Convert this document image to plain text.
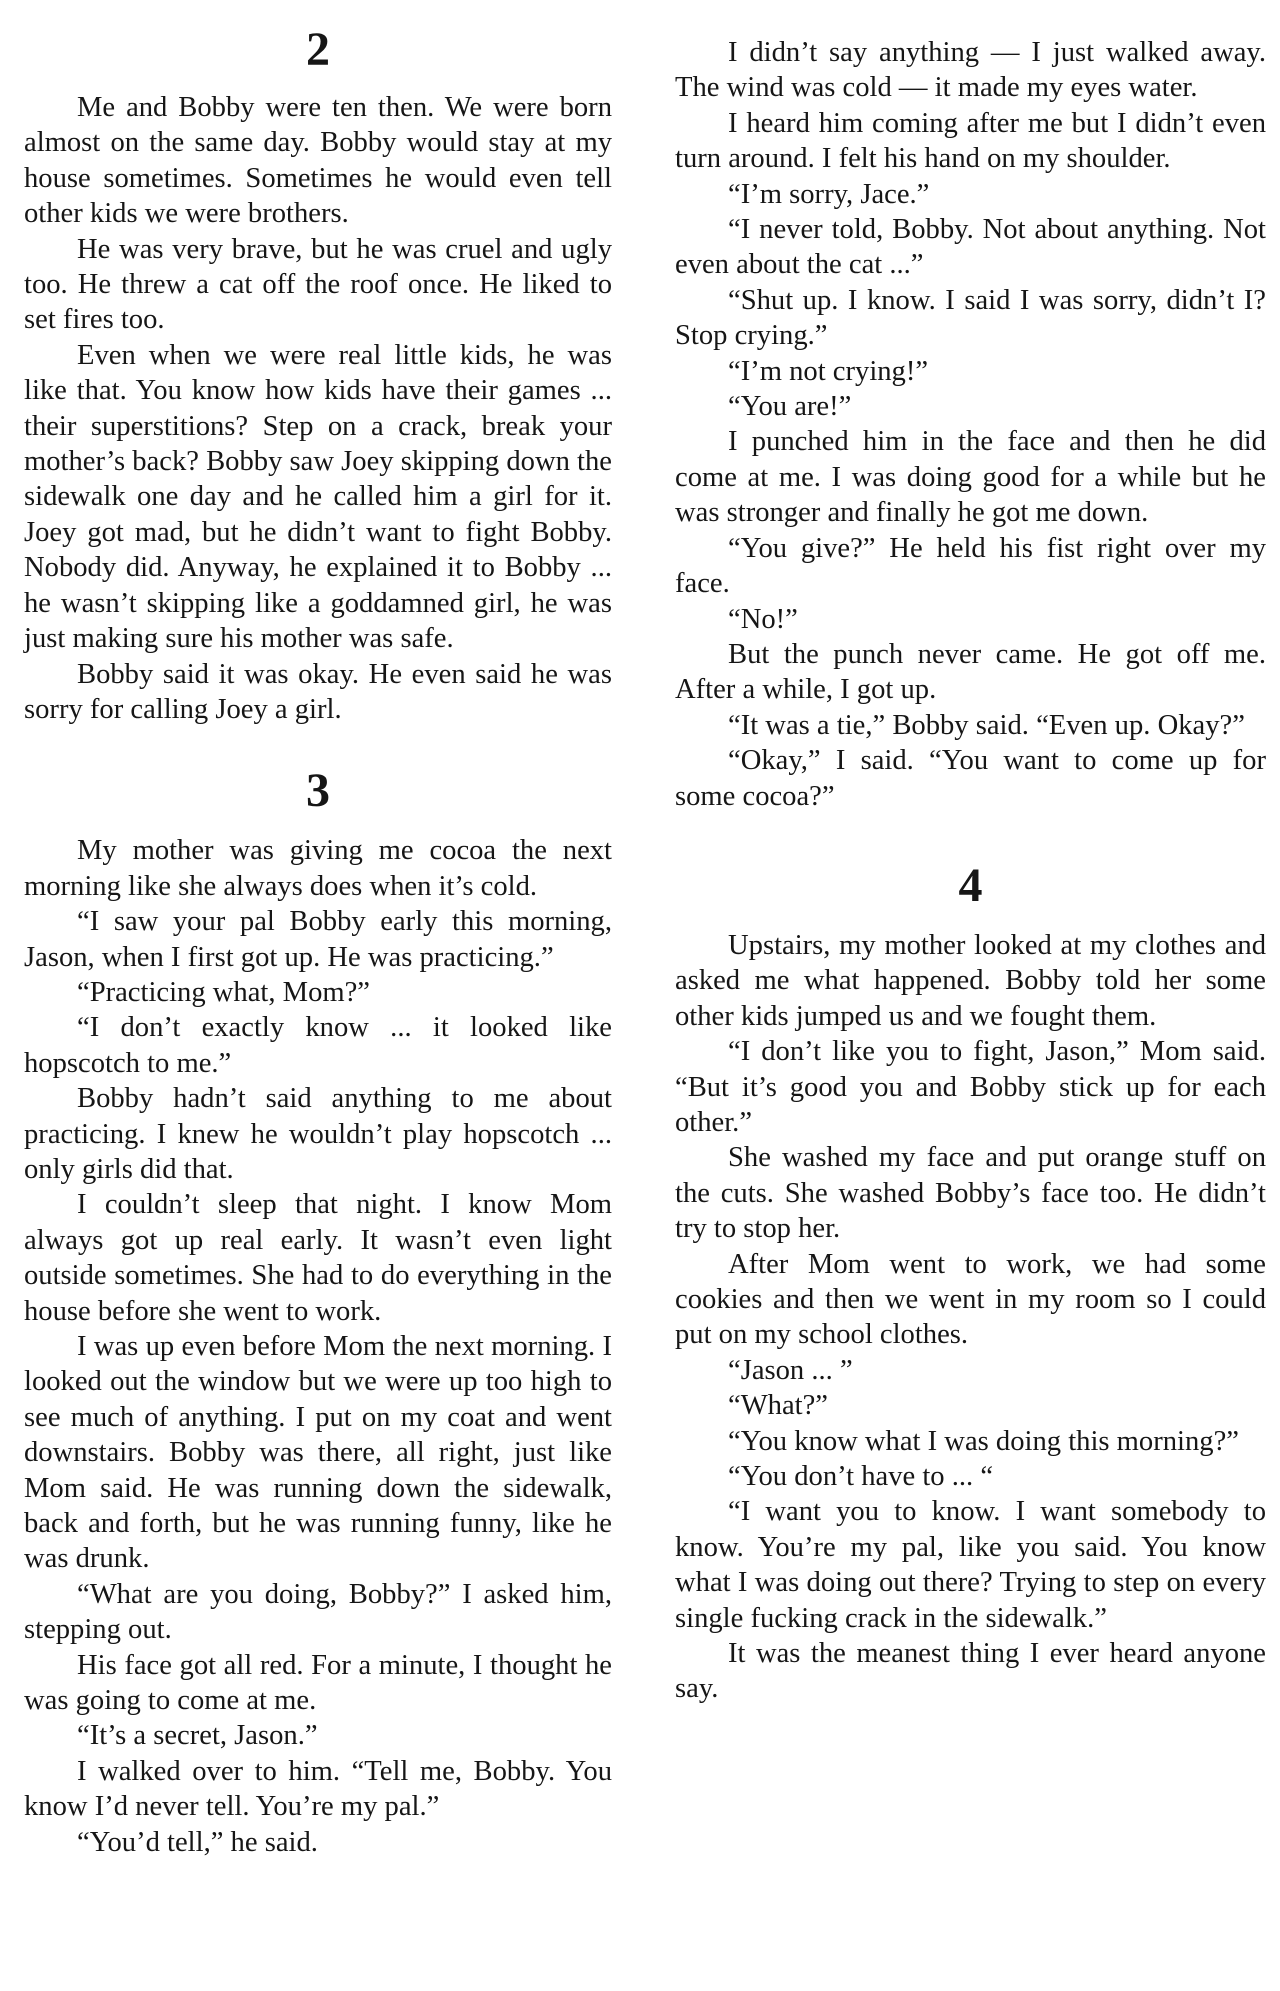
2

Me and Bobby were ten then. We were born almost on the same day. Bobby would stay at my house sometimes. Sometimes he would even tell other kids we were brothers.

He was very brave, but he was cruel and ugly too. He threw a cat off the roof once. He liked to set fires too.

Even when we were real little kids, he was like that. You know how kids have their games ... their superstitions? Step on a crack, break your mother’s back? Bobby saw Joey skipping down the sidewalk one day and he called him a girl for it. Joey got mad, but he didn’t want to fight Bobby. Nobody did. Anyway, he explained it to Bobby ... he wasn’t skipping like a goddamned girl, he was just making sure his mother was safe.

Bobby said it was okay. He even said he was sorry for calling Joey a girl.

3

My mother was giving me cocoa the next morning like she always does when it’s cold.

“I saw your pal Bobby early this morning, Jason, when I first got up. He was practicing.”

“Practicing what, Mom?”

“I don’t exactly know ... it looked like hopscotch to me.”

Bobby hadn’t said anything to me about practicing. I knew he wouldn’t play hopscotch ... only girls did that.

I couldn’t sleep that night. I know Mom always got up real early. It wasn’t even light outside sometimes. She had to do everything in the house before she went to work.

I was up even before Mom the next morning. I looked out the window but we were up too high to see much of anything. I put on my coat and went downstairs. Bobby was there, all right, just like Mom said. He was running down the sidewalk, back and forth, but he was running funny, like he was drunk.

“What are you doing, Bobby?” I asked him, stepping out.

His face got all red. For a minute, I thought he was going to come at me.

“It’s a secret, Jason.”

I walked over to him. “Tell me, Bobby. You know I’d never tell. You’re my pal.”

“You’d tell,” he said.

I didn’t say anything — I just walked away. The wind was cold — it made my eyes water.

I heard him coming after me but I didn’t even turn around. I felt his hand on my shoulder.

“I’m sorry, Jace.”

“I never told, Bobby. Not about anything. Not even about the cat ...”

“Shut up. I know. I said I was sorry, didn’t I? Stop crying.”

“I’m not crying!”

“You are!”

I punched him in the face and then he did come at me. I was doing good for a while but he was stronger and finally he got me down.

“You give?” He held his fist right over my face.

“No!”

But the punch never came. He got off me. After a while, I got up.

“It was a tie,” Bobby said. “Even up. Okay?”

“Okay,” I said. “You want to come up for some cocoa?”

4

Upstairs, my mother looked at my clothes and asked me what happened. Bobby told her some other kids jumped us and we fought them.

“I don’t like you to fight, Jason,” Mom said. “But it’s good you and Bobby stick up for each other.”

She washed my face and put orange stuff on the cuts. She washed Bobby’s face too. He didn’t try to stop her.

After Mom went to work, we had some cookies and then we went in my room so I could put on my school clothes.

“Jason ... ”

“What?”

“You know what I was doing this morning?”

“You don’t have to ... “

“I want you to know. I want somebody to know. You’re my pal, like you said. You know what I was doing out there? Trying to step on every single fucking crack in the sidewalk.”

It was the meanest thing I ever heard anyone say.
